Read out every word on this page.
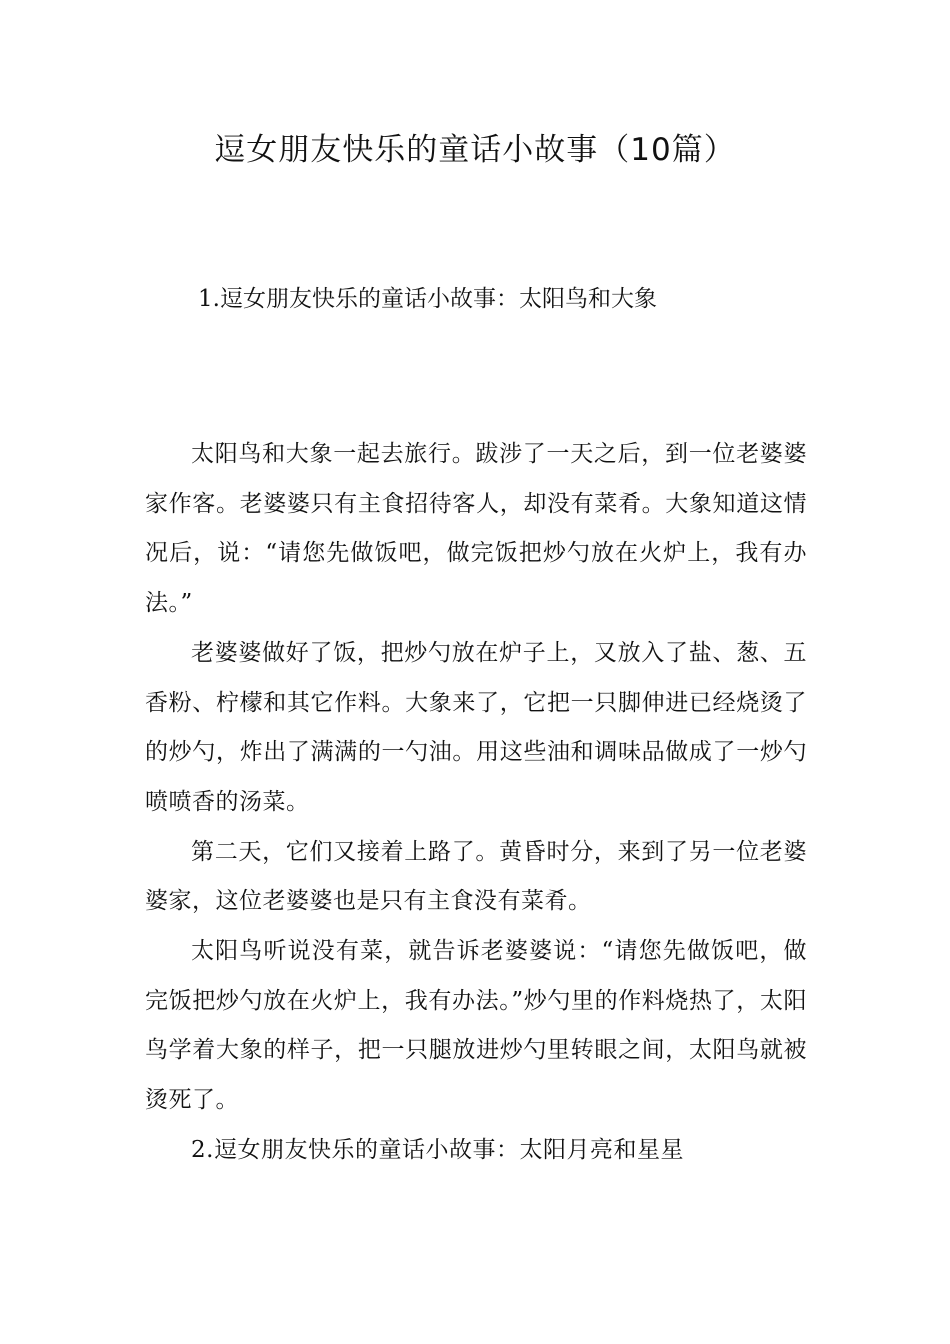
逗女朋友快乐的童话小故事（10篇）
1.逗女朋友快乐的童话小故事：太阳鸟和大象

太阳鸟和大象一起去旅行。跋涉了一天之后，到一位老婆婆家作客。老婆婆只有主食招待客人，却没有菜肴。大象知道这情况后，说：“请您先做饭吧，做完饭把炒勺放在火炉上，我有办法。”

老婆婆做好了饭，把炒勺放在炉子上，又放入了盐、葱、五香粉、柠檬和其它作料。大象来了，它把一只脚伸进已经烧烫了的炒勺，炸出了满满的一勺油。用这些油和调味品做成了一炒勺喷喷香的汤菜。

第二天，它们又接着上路了。黄昏时分，来到了另一位老婆婆家，这位老婆婆也是只有主食没有菜肴。

太阳鸟听说没有菜，就告诉老婆婆说：“请您先做饭吧，做完饭把炒勺放在火炉上，我有办法。”炒勺里的作料烧热了，太阳鸟学着大象的样子，把一只腿放进炒勺里转眼之间，太阳鸟就被烫死了。

2.逗女朋友快乐的童话小故事：太阳月亮和星星
